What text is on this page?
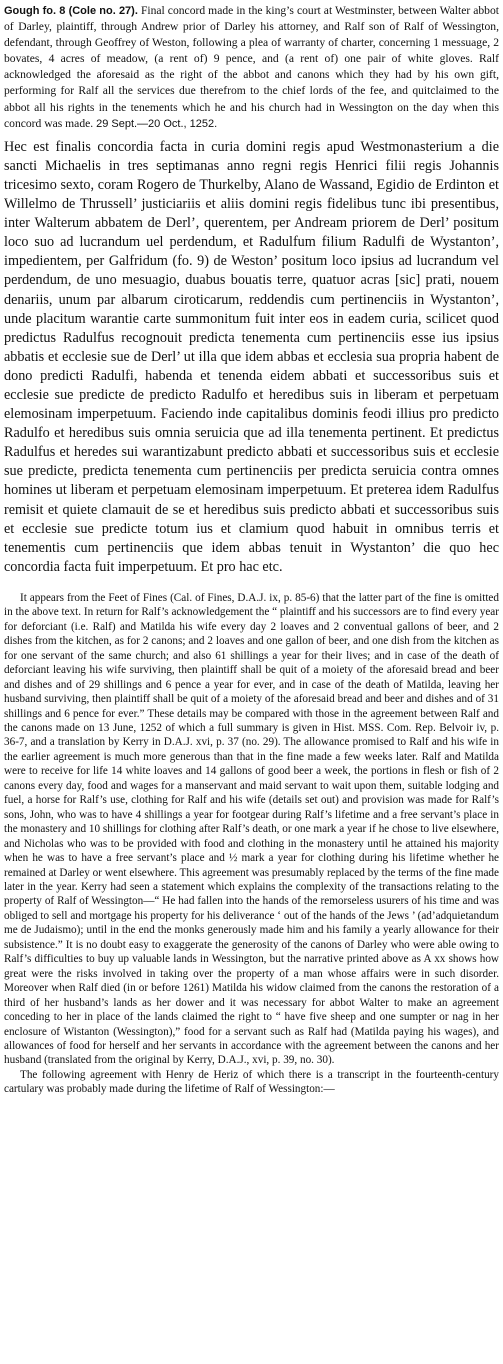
Gough fo. 8 (Cole no. 27). Final concord made in the king’s court at Westminster, between Walter abbot of Darley, plaintiff, through Andrew prior of Darley his attorney, and Ralf son of Ralf of Wessington, defendant, through Geoffrey of Weston, following a plea of warranty of charter, concerning 1 messuage, 2 bovates, 4 acres of meadow, (a rent of) 9 pence, and (a rent of) one pair of white gloves. Ralf acknowledged the aforesaid as the right of the abbot and canons which they had by his own gift, performing for Ralf all the services due therefrom to the chief lords of the fee, and quitclaimed to the abbot all his rights in the tenements which he and his church had in Wessington on the day when this concord was made. 29 Sept.—20 Oct., 1252.

Hec est finalis concordia facta in curia domini regis apud Westmonasterium a die sancti Michaelis in tres septimanas anno regni regis Henrici filii regis Johannis tricesimo sexto, coram Rogero de Thurkelby, Alano de Wassand, Egidio de Erdinton et Willelmo de Thrussell’ justiciariis et aliis domini regis fidelibus tunc ibi presentibus, inter Walterum abbatem de Derl’, querentem, per Andream priorem de Derl’ positum loco suo ad lucrandum uel perdendum, et Radulfum filium Radulfi de Wystanton’, impedientem, per Galfridum (fo. 9) de Weston’ positum loco ipsius ad lucrandum vel perdendum, de uno mesuagio, duabus bouatis terre, quatuor acras [sic] prati, nouem denariis, unum par albarum ciroticarum, reddendis cum pertinenciis in Wystanton’, unde placitum warantie carte summonitum fuit inter eos in eadem curia, scilicet quod predictus Radulfus recognouit predicta tenementa cum pertinenciis esse ius ipsius abbatis et ecclesie sue de Derl’ ut illa que idem abbas et ecclesia sua propria habent de dono predicti Radulfi, habenda et tenenda eidem abbati et successoribus suis et ecclesie sue predicte de predicto Radulfo et heredibus suis in liberam et perpetuam elemosinam imperpetuum. Faciendo inde capitalibus dominis feodi illius pro predicto Radulfo et heredibus suis omnia seruicia que ad illa tenementa pertinent. Et predictus Radulfus et heredes sui warantizabunt predicto abbati et successoribus suis et ecclesie sue predicte, predicta tenementa cum pertinenciis per predicta seruicia contra omnes homines ut liberam et perpetuam elemosinam imperpetuum. Et preterea idem Radulfus remisit et quiete clamauit de se et heredibus suis predicto abbati et successoribus suis et ecclesie sue predicte totum ius et clamium quod habuit in omnibus terris et tenementis cum pertinenciis que idem abbas tenuit in Wystanton’ die quo hec concordia facta fuit imperpetuum. Et pro hac etc.

It appears from the Feet of Fines (Cal. of Fines, D.A.J. ix, p. 85-6) that the latter part of the fine is omitted in the above text. In return for Ralf’s acknowledgement the “ plaintiff and his successors are to find every year for deforciant (i.e. Ralf) and Matilda his wife every day 2 loaves and 2 conventual gallons of beer, and 2 dishes from the kitchen, as for 2 canons; and 2 loaves and one gallon of beer, and one dish from the kitchen as for one servant of the same church; and also 61 shillings a year for their lives; and in case of the death of deforciant leaving his wife surviving, then plaintiff shall be quit of a moiety of the aforesaid bread and beer and dishes and of 29 shillings and 6 pence a year for ever, and in case of the death of Matilda, leaving her husband surviving, then plaintiff shall be quit of a moiety of the aforesaid bread and beer and dishes and of 31 shillings and 6 pence for ever.” These details may be compared with those in the agreement between Ralf and the canons made on 13 June, 1252 of which a full summary is given in Hist. MSS. Com. Rep. Belvoir iv, p. 36-7, and a translation by Kerry in D.A.J. xvi, p. 37 (no. 29). The allowance promised to Ralf and his wife in the earlier agreement is much more generous than that in the fine made a few weeks later. Ralf and Matilda were to receive for life 14 white loaves and 14 gallons of good beer a week, the portions in flesh or fish of 2 canons every day, food and wages for a manservant and maid servant to wait upon them, suitable lodging and fuel, a horse for Ralf’s use, clothing for Ralf and his wife (details set out) and provision was made for Ralf’s sons, John, who was to have 4 shillings a year for footgear during Ralf’s lifetime and a free servant’s place in the monastery and 10 shillings for clothing after Ralf’s death, or one mark a year if he chose to live elsewhere, and Nicholas who was to be provided with food and clothing in the monastery until he attained his majority when he was to have a free servant’s place and ½ mark a year for clothing during his lifetime whether he remained at Darley or went elsewhere. This agreement was presumably replaced by the terms of the fine made later in the year. Kerry had seen a statement which explains the complexity of the transactions relating to the property of Ralf of Wessington—“ He had fallen into the hands of the remorseless usurers of his time and was obliged to sell and mortgage his property for his deliverance ‘ out of the hands of the Jews ’ (ad’adquietandum me de Judaismo); until in the end the monks generously made him and his family a yearly allowance for their subsistence.” It is no doubt easy to exaggerate the generosity of the canons of Darley who were able owing to Ralf’s difficulties to buy up valuable lands in Wessington, but the narrative printed above as A xx shows how great were the risks involved in taking over the property of a man whose affairs were in such disorder. Moreover when Ralf died (in or before 1261) Matilda his widow claimed from the canons the restoration of a third of her husband’s lands as her dower and it was necessary for abbot Walter to make an agreement conceding to her in place of the lands claimed the right to “ have five sheep and one sumpter or nag in her enclosure of Wistanton (Wessington),” food for a servant such as Ralf had (Matilda paying his wages), and allowances of food for herself and her servants in accordance with the agreement between the canons and her husband (translated from the original by Kerry, D.A.J., xvi, p. 39, no. 30).

The following agreement with Henry de Heriz of which there is a transcript in the fourteenth-century cartulary was probably made during the lifetime of Ralf of Wessington:—
